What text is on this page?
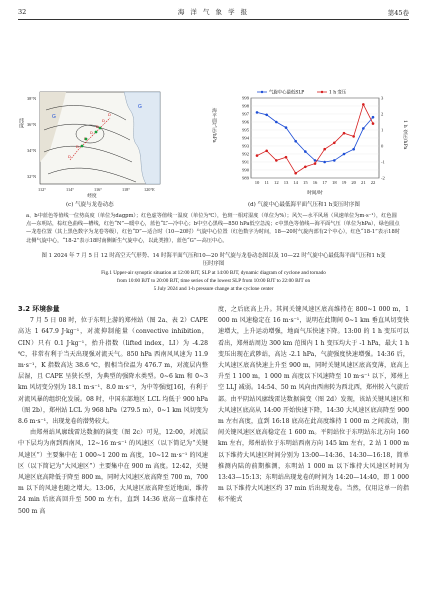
32	海 洋 气 象 学 报	第45卷
D
D
D
D
D
D
G
G
38°N
36°N
34°N
32°N
112°	114°	116°	118°	120°E
经度
纬度
(c) 气旋与龙卷动态
999
998
997
996
995
994
993
992
991
990
989
3
2
1
0
-1
-2
10 11 12 13 14 15 16 17 18 19 20 21 22
气旋中心最低SLP	1 h 变压
时间/时
海平面气压/hPa	1 h 变压/hPa
(d) 气旋中心最低海平面气压和1 h变压时序图
a、b中蓝色等值线一位势高度（单位为dagpm）；红色虚等值线一温度（单位为℃），色斑一相对湿度（单位为%）；风矢—水平风场（风速单位为m·s⁻¹），红色圆点—东明站，棕红色曲线—槽线，红色“N”—暖中心，蓝色“L”—冷中心；b中空心黑线—850 hPa低空急流；c中黑色等值线—海平面气压（单位为hPa），绿色圆点—龙卷位置（其上黑色数字为龙卷等级），红色“D”—适合时（10—20时）气旋中心位置（红色数字为时间，18—20时气旋内部有2个中心），红色“18-1”表示18时北侧气旋中心，“18-2”表示18时南侧新生气旋中心，以此类推），蓝色“G”—高压中心。
图 1 2024 年 7 月 5 日 12 时高空天气形势、14 时海平面气压和10—20 时气旋与龙卷动态图以及 10—22 时气旋中心最低海平面气压和1 h变压时序图
Fig.1 Upper-air synoptic situation at 12:00 BJT, SLP at 14:00 BJT, dynamic diagram of cyclone and tornado
from 10:00 BJT to 20:00 BJT, time series of the lowest SLP from 10:00 BJT to 22:00 BJT on
5 July 2024 and 1-h pressure change at the cyclone center

3.2 环境参量

7 月 5 日 08 时，位于东明上游的郑州站（图 2a、表 2）CAPE 高达 1 647.9 J·kg⁻¹，对流抑制能量（convective inhibition，CIN）只有 0.1 J·kg⁻¹，抬升指数（lifted index，LI）为 -4.28 ℃，非常有利于当天出现强对流天气。850 hPa 西南风风速为 11.9 m·s⁻¹，K 指数高达 38.6 ℃，假相当位温为 476.7 m，对流层内整层湿，且 CAPE 呈狭长型，为典型的强降水类型。0~6 km 和 0~3 km 风切变分别为 18.1 m·s⁻¹、8.0 m·s⁻¹，为中等强度[16]，有利于对流风暴的组织化发展。08 时，中国东部地区 LCL 均低于 900 hPa（图 2b），郑州站 LCL 为 968 hPa（279.5 m），0~1 km 风切变为 8.6 m·s⁻¹，出现龙卷的潜势较大。

由郑州站风廓线雷达数据的演变（图 2c）可见，12:00，对流层中下层均为南到西南风，12~16 m·s⁻¹ 的风速区（以下简记为“关键风速区”）主要集中在 1 000~1 200 m 高度，10~12 m·s⁻¹ 的风速区（以下简记为“大风速区”）主要集中在 900 m 高度。12:42，关键风速区底高降低于降至 800 m，同时大风速区底高降至 700 m，700 m 以下的风速也随之增大。13:06，大风速区底高降至近地面，维持 24 min 后底高回升至 500 m 左右，直到 14:36 底高一直维持在 500 m 高

度，之后底高上升。其间关键风速区底高维持在 800~1 000 m，1 000 m 风速稳定在 16 m·s⁻¹，说明在此期间 0~1 km 垂直风切变快速增大，上升运动增强，地面气压快速下降。13:00 的 1 h 变压可以看出，郑州站周边 300 km 范围内 1 h 变压均大于 -1 hPa，最大 1 h 变压出现在武陟站，高达 -2.1 hPa，气旋强度快速增强。14:36 后，大风速区底高快速上升至 900 m，同时关键风速区底高变薄，底高上升至 1 100 m，1 000 m 高度以下风速降至 10 m·s⁻¹ 以下，郑州上空 LLJ 减弱。14:54、50 m 风向由西南转为西北西，郑州转入气旋后部。由平阴站风廓线雷达数据演变（图 2d）发现，该站关键风速区和大风速区底高从 14:00 开始快速下降，14:30 大风速区底高降至 900 m 左右高度，直到 16:18 底高在此高度维持 1 000 m 之间波动，期间关键风速区底高稳定在 1 600 m。平阴站位于东明站东北方向 160 km 左右，郑州站位于东明站西南方向 145 km 左右，2 站 1 000 m 以下维持大风速区时间分别为 13:00—14:36、14:30—16:18，简单推测内陆的前期推测，东明站 1 000 m 以下维持大风速区时间为 13:43—15:13；东明站出现龙卷的时间为 14:20—14:40，即 1 000 m 以下维持大风速区约 37 min 后出现龙卷。当然，仅用这单一的指标不能式
